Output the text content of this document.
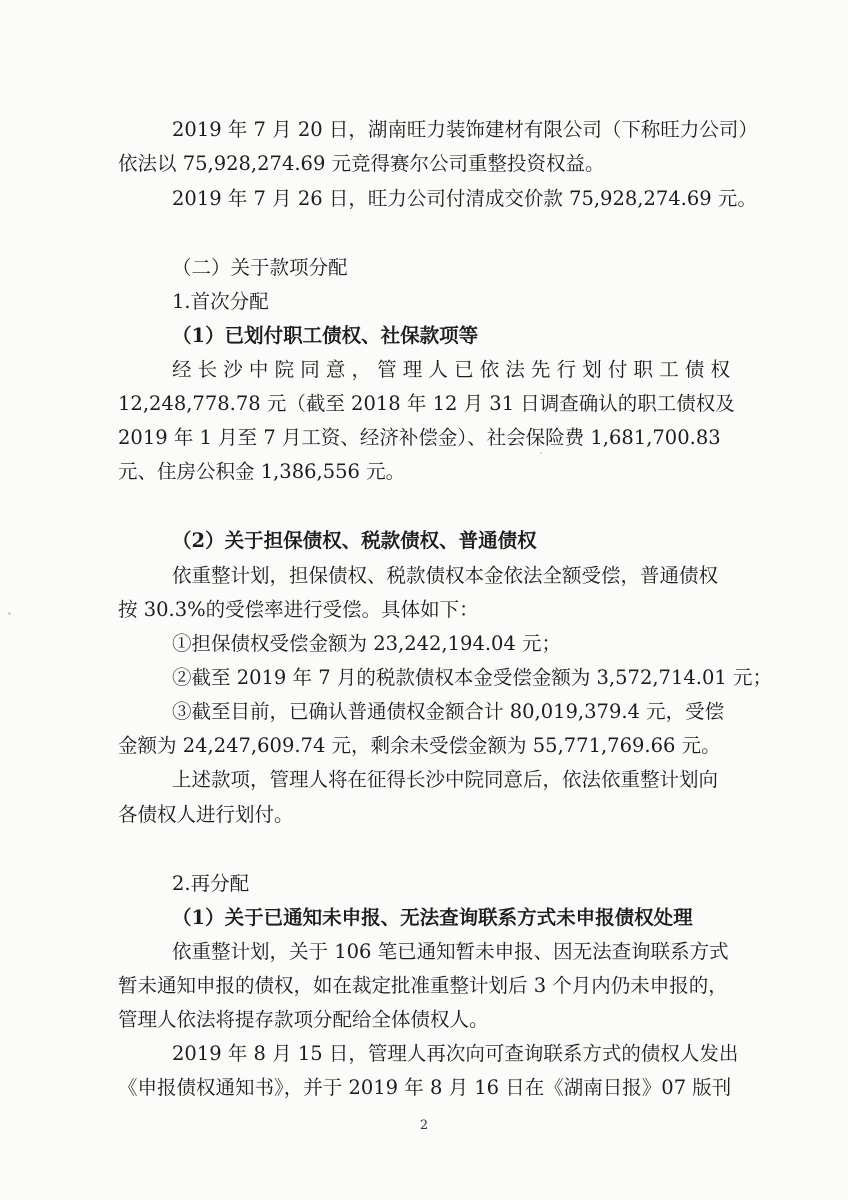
2019 年 7 月 20 日，湖南旺力装饰建材有限公司（下称旺力公司）
依法以 75,928,274.69 元竞得赛尔公司重整投资权益。
2019 年 7 月 26 日，旺力公司付清成交价款 75,928,274.69 元。
（二）关于款项分配
1.首次分配
（1）已划付职工债权、社保款项等
经长沙中院同意，管理人已依法先行划付职工债权
12,248,778.78 元（截至 2018 年 12 月 31 日调查确认的职工债权及
2019 年 1 月至 7 月工资、经济补偿金）、社会保险费 1,681,700.83
元、住房公积金 1,386,556 元。
（2）关于担保债权、税款债权、普通债权
依重整计划，担保债权、税款债权本金依法全额受偿，普通债权
按 30.3%的受偿率进行受偿。具体如下：
①担保债权受偿金额为 23,242,194.04 元；
②截至 2019 年 7 月的税款债权本金受偿金额为 3,572,714.01 元；
③截至目前，已确认普通债权金额合计 80,019,379.4 元，受偿
金额为 24,247,609.74 元，剩余未受偿金额为 55,771,769.66 元。
上述款项，管理人将在征得长沙中院同意后，依法依重整计划向
各债权人进行划付。
2.再分配
（1）关于已通知未申报、无法查询联系方式未申报债权处理
依重整计划，关于 106 笔已通知暂未申报、因无法查询联系方式
暂未通知申报的债权，如在裁定批准重整计划后 3 个月内仍未申报的，
管理人依法将提存款项分配给全体债权人。
2019 年 8 月 15 日，管理人再次向可查询联系方式的债权人发出
《申报债权通知书》，并于 2019 年 8 月 16 日在《湖南日报》07 版刊
2
